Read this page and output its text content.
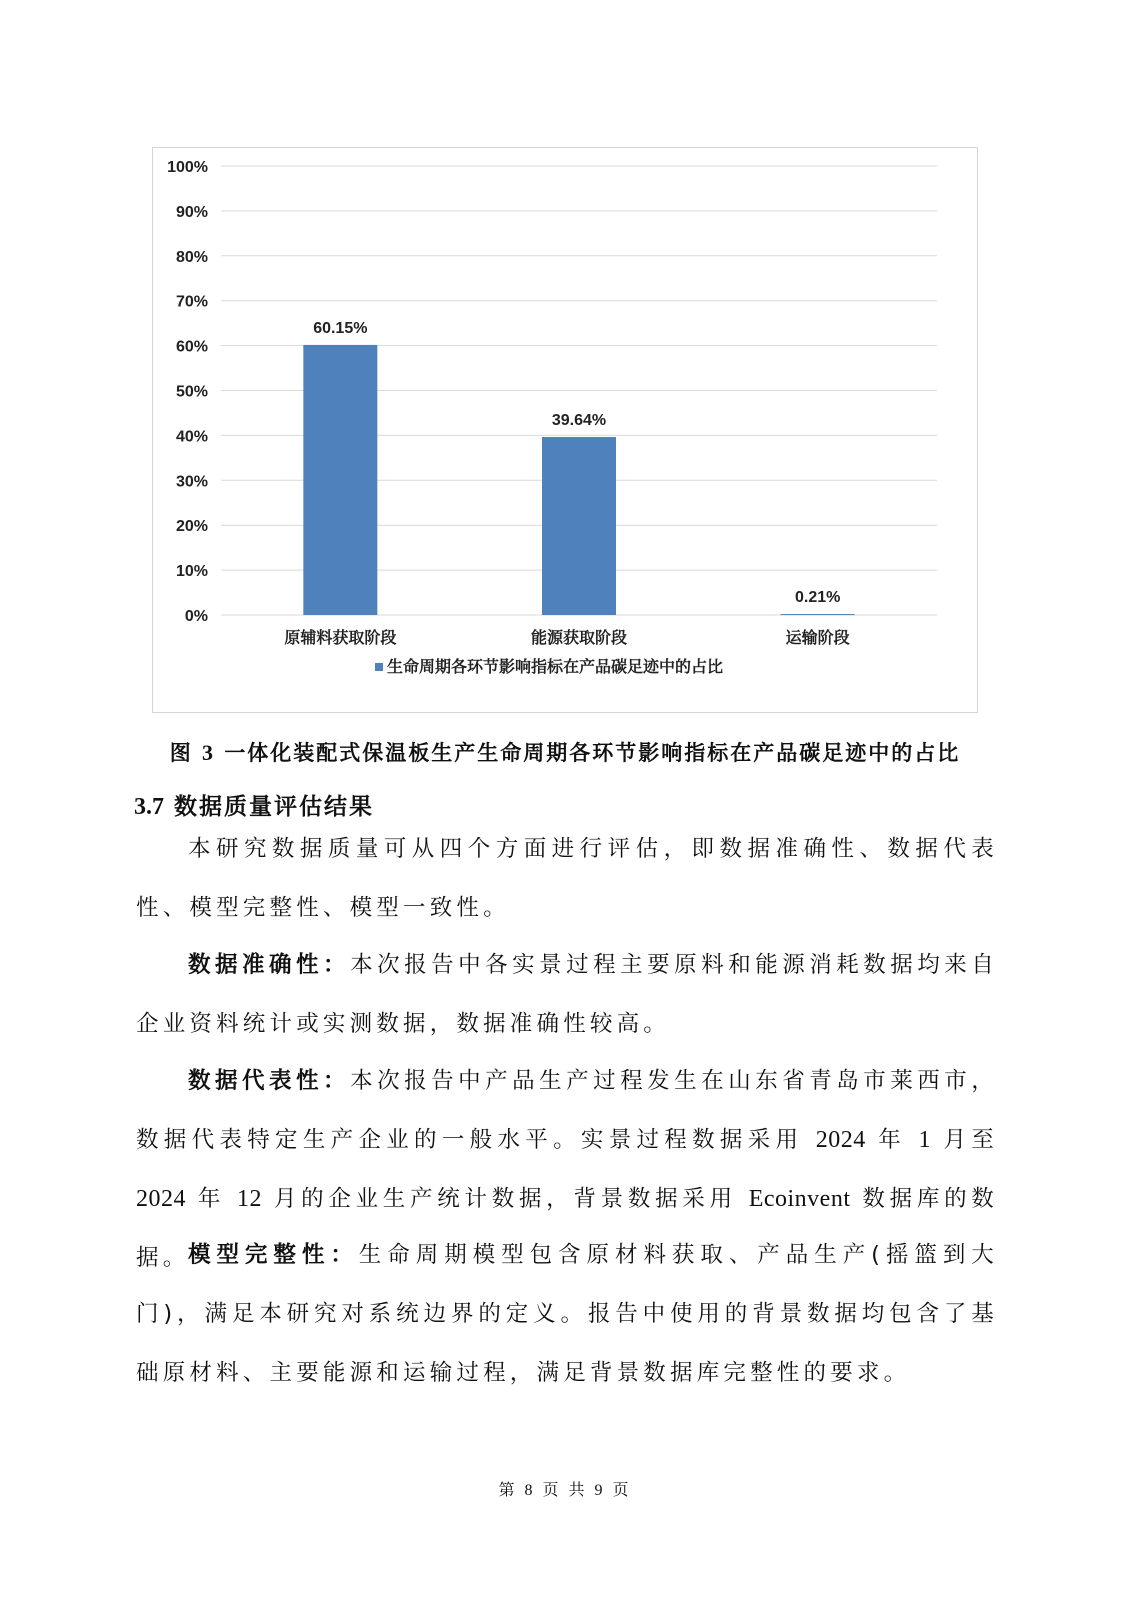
0%
10%
20%
30%
40%
50%
60%
70%
80%
90%
100%
60.15%
原辅料获取阶段
39.64%
能源获取阶段
0.21%
运输阶段
生命周期各环节影响指标在产品碳足迹中的占比
图 3 一体化装配式保温板生产生命周期各环节影响指标在产品碳足迹中的占比
3.7 数据质量评估结果
本研究数据质量可从四个方面进行评估，即数据准确性、数据代表性、模型完整性、模型一致性。
数据准确性：本次报告中各实景过程主要原料和能源消耗数据均来自企业资料统计或实测数据，数据准确性较高。
数据代表性：本次报告中产品生产过程发生在山东省青岛市莱西市，数据代表特定生产企业的一般水平。实景过程数据采用 2024 年 1 月至 2024 年 12 月的企业生产统计数据，背景数据采用 Ecoinvent 数据库的数据。
模型完整性：生命周期模型包含原材料获取、产品生产(摇篮到大门)，满足本研究对系统边界的定义。报告中使用的背景数据均包含了基础原材料、主要能源和运输过程，满足背景数据库完整性的要求。
第 8 页 共 9 页
